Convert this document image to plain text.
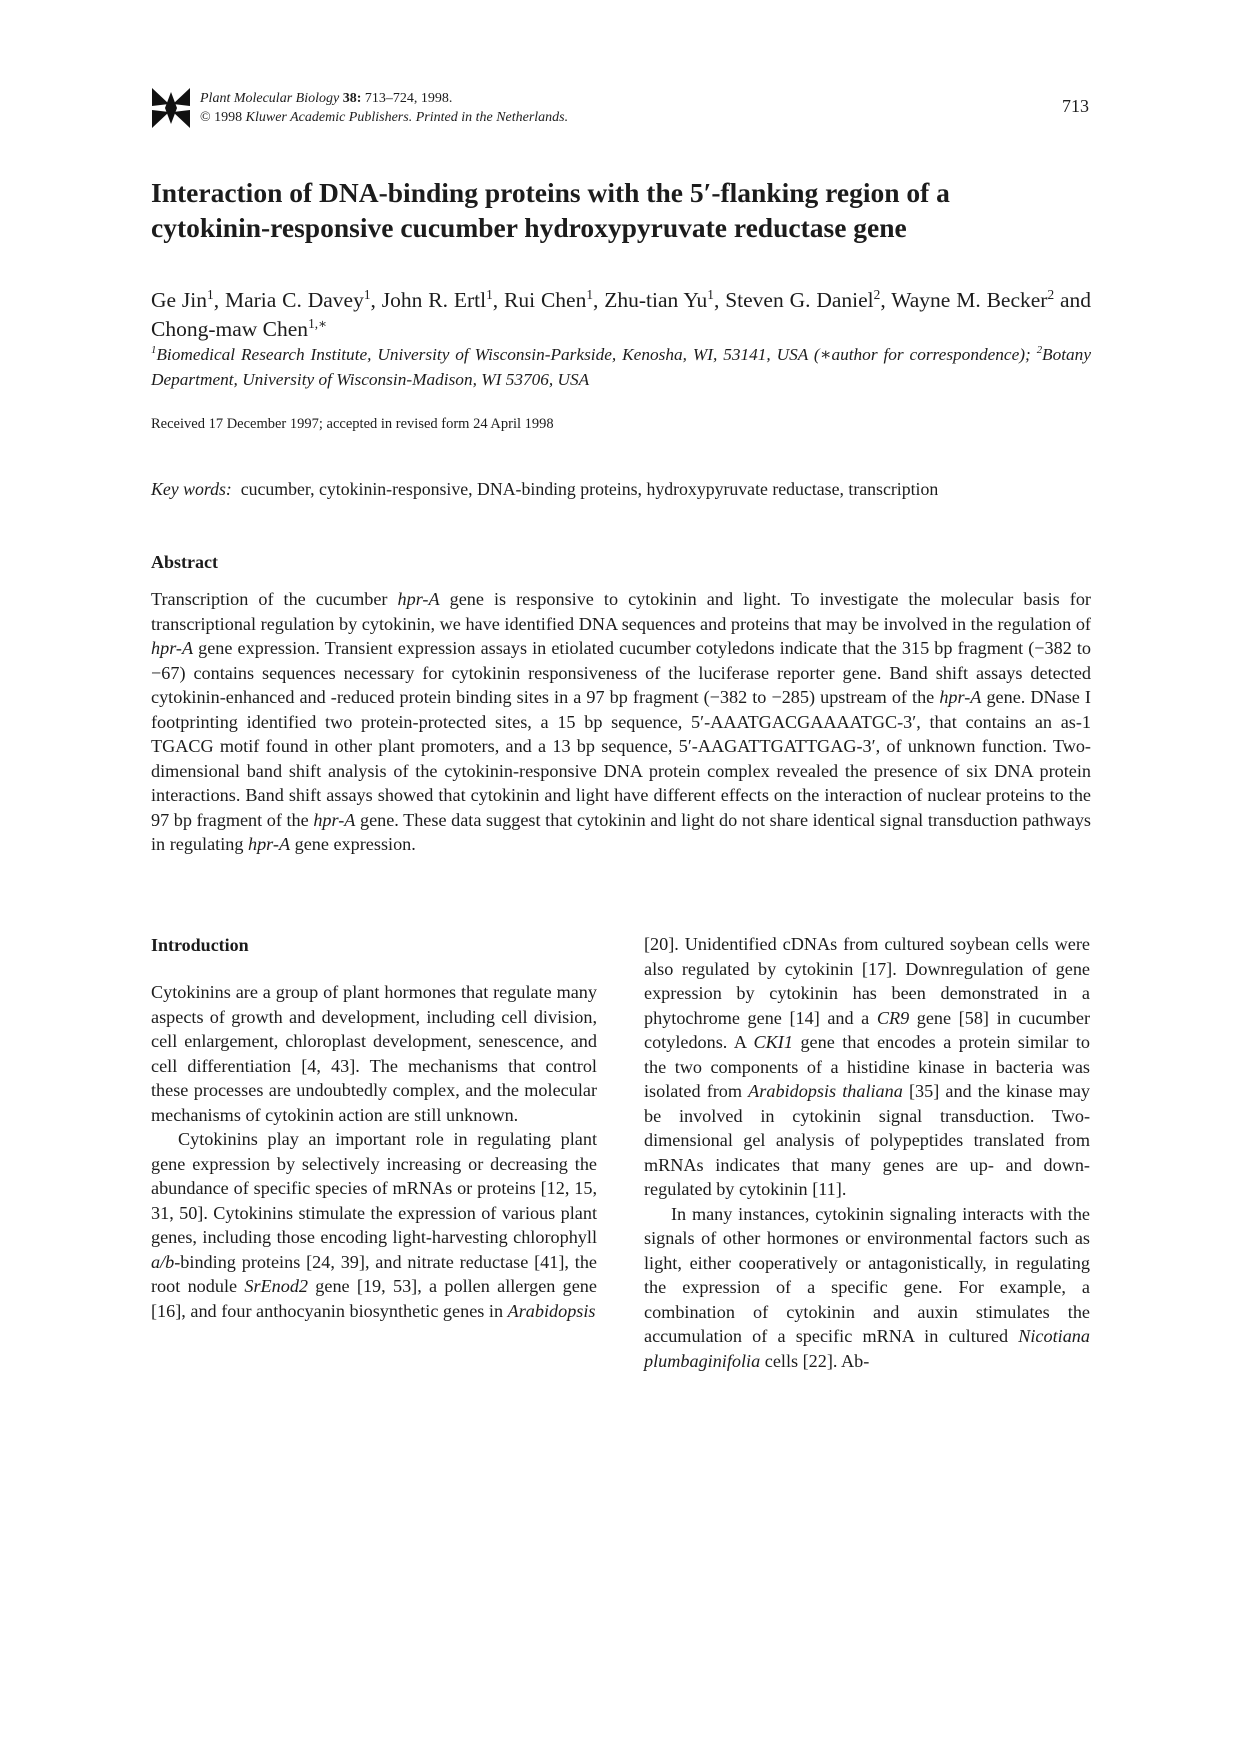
Plant Molecular Biology 38: 713–724, 1998.
© 1998 Kluwer Academic Publishers. Printed in the Netherlands.
713
Interaction of DNA-binding proteins with the 5′-flanking region of a cytokinin-responsive cucumber hydroxypyruvate reductase gene
Ge Jin$^1$, Maria C. Davey$^1$, John R. Ertl$^1$, Rui Chen$^1$, Zhu-tian Yu$^1$, Steven G. Daniel$^2$, Wayne M. Becker$^2$ and Chong-maw Chen$^{1,∗}$
$^1$Biomedical Research Institute, University of Wisconsin-Parkside, Kenosha, WI, 53141, USA (∗author for correspondence); $^2$Botany Department, University of Wisconsin-Madison, WI 53706, USA
Received 17 December 1997; accepted in revised form 24 April 1998
Key words: cucumber, cytokinin-responsive, DNA-binding proteins, hydroxypyruvate reductase, transcription
Abstract

Transcription of the cucumber hpr-A gene is responsive to cytokinin and light. To investigate the molecular basis for transcriptional regulation by cytokinin, we have identified DNA sequences and proteins that may be involved in the regulation of hpr-A gene expression. Transient expression assays in etiolated cucumber cotyledons indicate that the 315 bp fragment (−382 to −67) contains sequences necessary for cytokinin responsiveness of the luciferase reporter gene. Band shift assays detected cytokinin-enhanced and -reduced protein binding sites in a 97 bp fragment (−382 to −285) upstream of the hpr-A gene. DNase I footprinting identified two protein-protected sites, a 15 bp sequence, 5′-AAATGACGAAAATGC-3′, that contains an as-1 TGACG motif found in other plant promoters, and a 13 bp sequence, 5′-AAGATTGATTGAG-3′, of unknown function. Two-dimensional band shift analysis of the cytokinin-responsive DNA protein complex revealed the presence of six DNA protein interactions. Band shift assays showed that cytokinin and light have different effects on the interaction of nuclear proteins to the 97 bp fragment of the hpr-A gene. These data suggest that cytokinin and light do not share identical signal transduction pathways in regulating hpr-A gene expression.

Introduction

Cytokinins are a group of plant hormones that regulate many aspects of growth and development, including cell division, cell enlargement, chloroplast development, senescence, and cell differentiation [4, 43]. The mechanisms that control these processes are undoubtedly complex, and the molecular mechanisms of cytokinin action are still unknown.

Cytokinins play an important role in regulating plant gene expression by selectively increasing or decreasing the abundance of specific species of mRNAs or proteins [12, 15, 31, 50]. Cytokinins stimulate the expression of various plant genes, including those encoding light-harvesting chlorophyll a/b-binding proteins [24, 39], and nitrate reductase [41], the root nodule SrEnod2 gene [19, 53], a pollen allergen gene [16], and four anthocyanin biosynthetic genes in Arabidopsis

[20]. Unidentified cDNAs from cultured soybean cells were also regulated by cytokinin [17]. Downregulation of gene expression by cytokinin has been demonstrated in a phytochrome gene [14] and a CR9 gene [58] in cucumber cotyledons. A CKI1 gene that encodes a protein similar to the two components of a histidine kinase in bacteria was isolated from Arabidopsis thaliana [35] and the kinase may be involved in cytokinin signal transduction. Two-dimensional gel analysis of polypeptides translated from mRNAs indicates that many genes are up- and down-regulated by cytokinin [11].

In many instances, cytokinin signaling interacts with the signals of other hormones or environmental factors such as light, either cooperatively or antagonistically, in regulating the expression of a specific gene. For example, a combination of cytokinin and auxin stimulates the accumulation of a specific mRNA in cultured Nicotiana plumbaginifolia cells [22]. Ab-
